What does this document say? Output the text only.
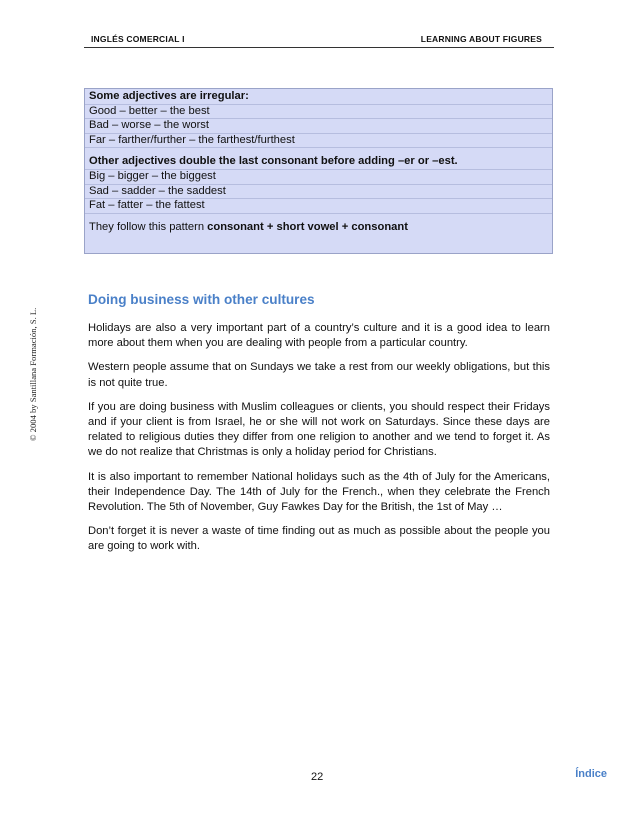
INGLÉS COMERCIAL I	LEARNING ABOUT FIGURES
© 2004 by Santillana Formación, S. L.
Some adjectives are irregular:
Good – better – the best
Bad – worse – the worst
Far – farther/further – the farthest/furthest
Other adjectives double the last consonant before adding –er or –est.
Big – bigger – the biggest
Sad – sadder – the saddest
Fat – fatter – the fattest
They follow this pattern consonant + short vowel + consonant
Doing business with other cultures

Holidays are also a very important part of a country’s culture and it is a good idea to learn more about them when you are dealing with people from a particular country.

Western people assume that on Sundays we take a rest from our weekly obligations, but this is not quite true.

If you are doing business with Muslim colleagues or clients, you should respect their Fridays and if your client is from Israel, he or she will not work on Saturdays. Since these days are related to religious duties they differ from one religion to another and we tend to forget it. As we do not realize that Christmas is only a holiday period for Christians.

It is also important to remember National holidays such as the 4th of July for the Americans, their Independence Day. The 14th of July for the French., when they celebrate the French Revolution. The 5th of November, Guy Fawkes Day for the British, the 1st of May …

Don’t forget it is never a waste of time finding out as much as possible about the people you are going to work with.

22	Índice
